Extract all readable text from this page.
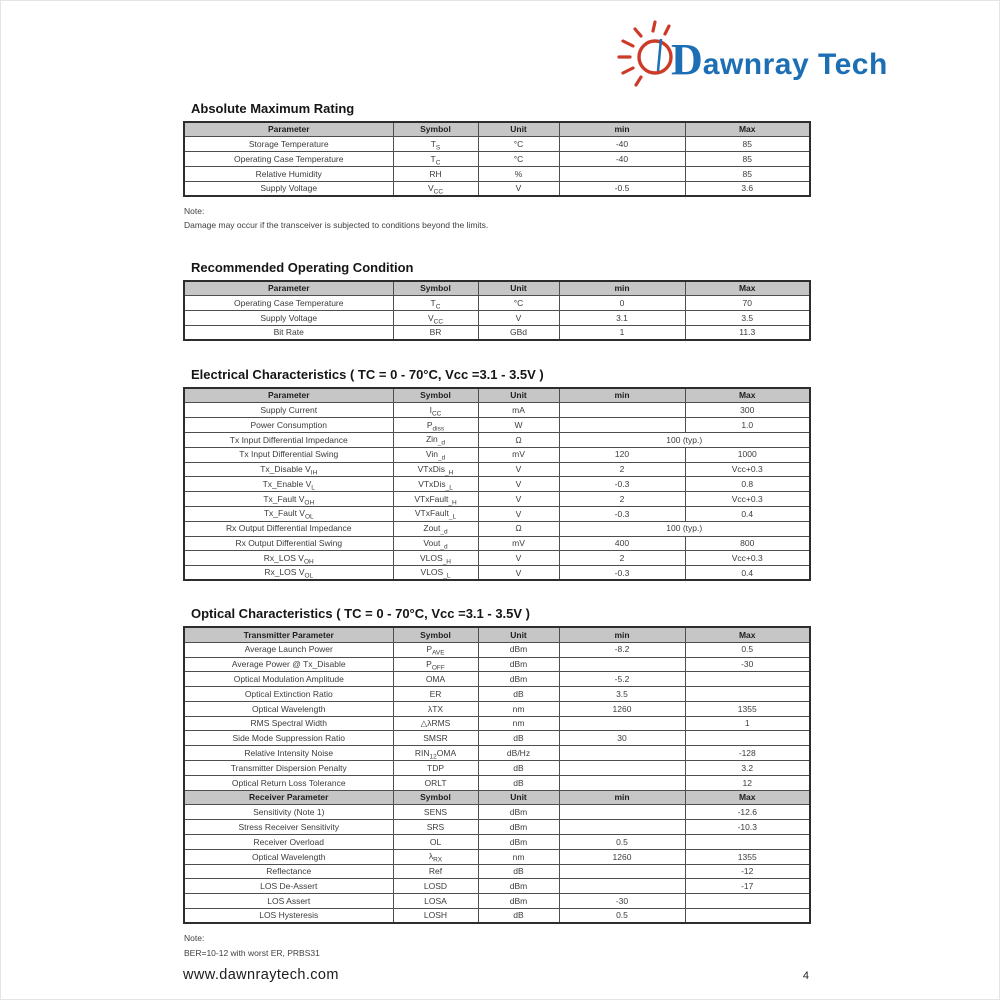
Dawnray Tech
Absolute Maximum Rating
Parameter	Symbol	Unit	min	Max
Storage Temperature	$T_S$	°C	-40	85
Operating Case Temperature	$T_C$	°C	-40	85
Relative Humidity	RH	%		85
Supply Voltage	$V_{CC}$	V	-0.5	3.6
Note:
Damage may occur if the transceiver is subjected to conditions beyond the limits.
Recommended Operating Condition
Parameter	Symbol	Unit	min	Max
Operating Case Temperature	$T_C$	°C	0	70
Supply Voltage	$V_{CC}$	V	3.1	3.5
Bit Rate	BR	GBd	1	11.3
Electrical Characteristics ( TC = 0 - 70°C, Vcc =3.1 - 3.5V )
Parameter	Symbol	Unit	min	Max
Supply Current	$I_{CC}$	mA		300
Power Consumption	$P_{diss}$	W		1.0
Tx Input Differential Impedance	Zin$_{\_d}$	Ω	100 (typ.)	
Tx Input Differential Swing	Vin$_{\_d}$	mV	120	1000
Tx_Disable $V_{IH}$	VTxDis$_{\_H}$	V	2	Vcc+0.3
Tx_Enable $V_L$	VTxDis$_{\_L}$	V	-0.3	0.8
Tx_Fault $V_{OH}$	VTxFault$_{\_H}$	V	2	Vcc+0.3
Tx_Fault $V_{OL}$	VTxFault$_{\_L}$	V	-0.3	0.4
Rx Output Differential Impedance	Zout$_{\_d}$	Ω	100 (typ.)	
Rx Output Differential Swing	Vout$_{\_d}$	mV	400	800
Rx_LOS $V_{OH}$	$VLOS_{\_H}$	V	2	Vcc+0.3
Rx_LOS $V_{OL}$	$VLOS_{\_L}$	V	-0.3	0.4
Optical Characteristics ( TC = 0 - 70°C, Vcc =3.1 - 3.5V )
Transmitter Parameter	Symbol	Unit	min	Max
Average Launch Power	$P_{AVE}$	dBm	-8.2	0.5
Average Power @ Tx_Disable	$P_{OFF}$	dBm		-30
Optical Modulation Amplitude	OMA	dBm	-5.2	
Optical Extinction Ratio	ER	dB	3.5	
Optical Wavelength	λTX	nm	1260	1355
RMS Spectral Width	△λRMS	nm		1
Side Mode Suppression Ratio	SMSR	dB	30	
Relative Intensity Noise	$RIN_{12}OMA$	dB/Hz		-128
Transmitter Dispersion Penalty	TDP	dB		3.2
Optical Return Loss Tolerance	ORLT	dB		12
Receiver Parameter	Symbol	Unit	min	Max
Sensitivity (Note 1)	SENS	dBm		-12.6
Stress Receiver Sensitivity	SRS	dBm		-10.3
Receiver Overload	OL	dBm	0.5	
Optical Wavelength	$\lambda_{RX}$	nm	1260	1355
Reflectance	Ref	dB		-12
LOS De-Assert	LOSD	dBm		-17
LOS Assert	LOSA	dBm	-30	
LOS Hysteresis	LOSH	dB	0.5	
Note:
BER=10-12 with worst ER, PRBS31
www.dawnraytech.com	4
